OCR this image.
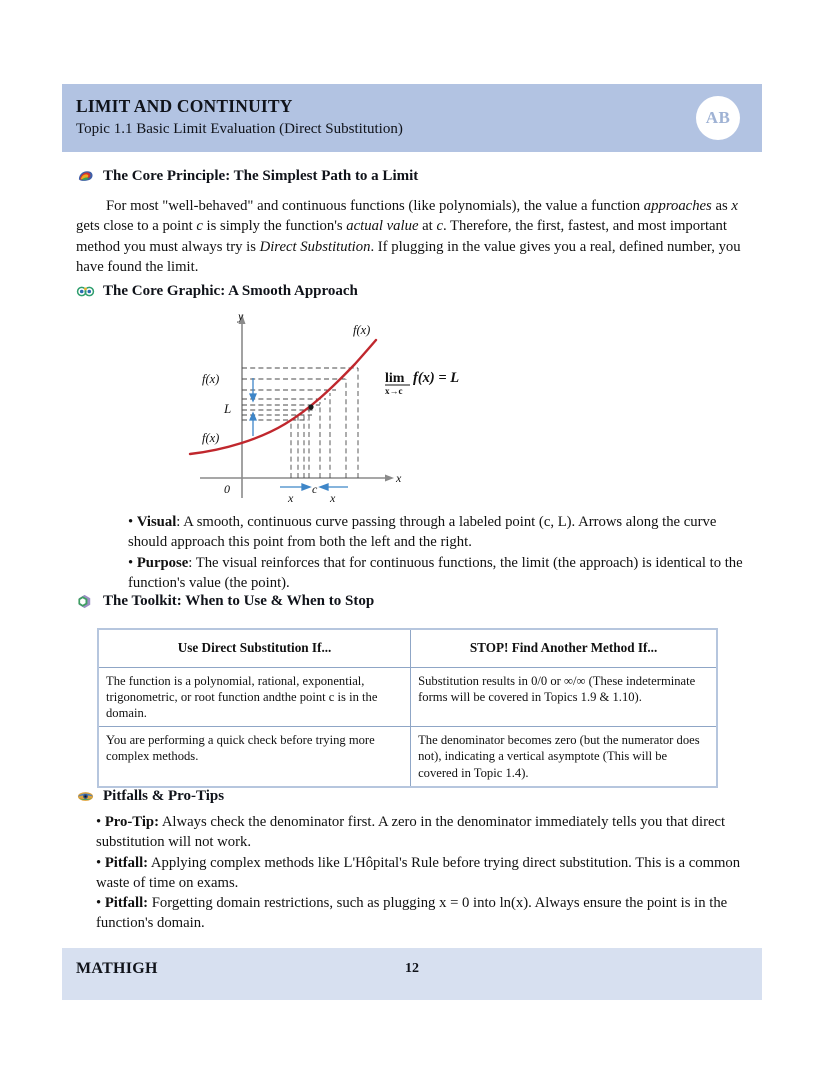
LIMIT AND CONTINUITY
Topic 1.1 Basic Limit Evaluation (Direct Substitution)
AB
The Core Principle: The Simplest Path to a Limit
For most "well-behaved" and continuous functions (like polynomials), the value a function approaches as x gets close to a point c is simply the function's actual value at c. Therefore, the first, fastest, and most important method you must always try is Direct Substitution. If plugging in the value gives you a real, defined number, you have found the limit.
The Core Graphic: A Smooth Approach
y
x
0
f(x)
f(x)
L
f(x)
c
x	x
lim
x→c
f(x) = L

• Visual: A smooth, continuous curve passing through a labeled point (c, L). Arrows along the curve should approach this point from both the left and the right.

• Purpose: The visual reinforces that for continuous functions, the limit (the approach) is identical to the function's value (the point).

The Toolkit: When to Use & When to Stop
Use Direct Substitution If...	STOP! Find Another Method If...
The function is a polynomial, rational, exponential, trigonometric, or root function andthe point c is in the domain.	Substitution results in 0/0 or ∞/∞ (These indeterminate forms will be covered in Topics 1.9 & 1.10).
You are performing a quick check before trying more complex methods.	The denominator becomes zero (but the numerator does not), indicating a vertical asymptote (This will be covered in Topic 1.4).
Pitfalls & Pro-Tips

• Pro-Tip: Always check the denominator first. A zero in the denominator immediately tells you that direct substitution will not work.

• Pitfall: Applying complex methods like L'Hôpital's Rule before trying direct substitution. This is a common waste of time on exams.

• Pitfall: Forgetting domain restrictions, such as plugging x = 0 into ln(x). Always ensure the point is in the function's domain.

MATHIGH	12
